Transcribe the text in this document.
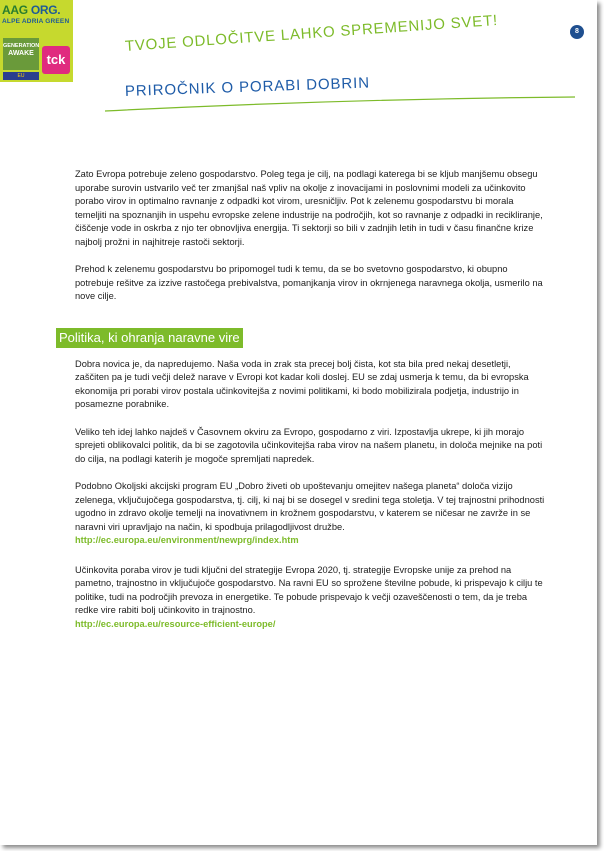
AAG ORG.
ALPE ADRIA GREEN
GENERATION
AWAKE
EU
tck
8
TVOJE ODLOČITVE LAHKO SPREMENIJO SVET!
PRIROČNIK O PORABI DOBRIN

Zato Evropa potrebuje zeleno gospodarstvo. Poleg tega je cilj, na podlagi katerega bi se kljub manjšemu obsegu uporabe surovin ustvarilo več ter zmanjšal naš vpliv na okolje z inovacijami in poslovnimi modeli za učinkovito porabo virov in optimalno ravnanje z odpadki kot virom, uresničljiv. Pot k zelenemu gospodarstvu bi morala temeljiti na spoznanjih in uspehu evropske zelene industrije na področjih, kot so ravnanje z odpadki in recikliranje, čiščenje vode in oskrba z njo ter obnovljiva energija. Ti sektorji so bili v zadnjih letih in tudi v času finančne krize najbolj prožni in najhitreje rastoči sektorji.

Prehod k zelenemu gospodarstvu bo pripomogel tudi k temu, da se bo svetovno gospodarstvo, ki obupno potrebuje rešitve za izzive rastočega prebivalstva, pomanjkanja virov in okrnjenega naravnega okolja, usmerilo na nove cilje.

Politika, ki ohranja naravne vire

Dobra novica je, da napredujemo. Naša voda in zrak sta precej bolj čista, kot sta bila pred nekaj desetletji, zaščiten pa je tudi večji delež narave v Evropi kot kadar koli doslej. EU se zdaj usmerja k temu, da bi evropska ekonomija pri porabi virov postala učinkovitejša z novimi politikami, ki bodo mobilizirala podjetja, industrijo in posamezne porabnike.

Veliko teh idej lahko najdeš v Časovnem okviru za Evropo, gospodarno z viri. Izpostavlja ukrepe, ki jih morajo sprejeti oblikovalci politik, da bi se zagotovila učinkovitejša raba virov na našem planetu, in določa mejnike na poti do cilja, na podlagi katerih je mogoče spremljati napredek.

Podobno Okoljski akcijski program EU „Dobro živeti ob upoštevanju omejitev našega planeta“ določa vizijo zelenega, vključujočega gospodarstva, tj. cilj, ki naj bi se dosegel v sredini tega stoletja. V tej trajnostni prihodnosti ugodno in zdravo okolje temelji na inovativnem in krožnem gospodarstvu, v katerem se ničesar ne zavrže in se naravni viri upravljajo na način, ki spodbuja prilagodljivost družbe.
http://ec.europa.eu/environment/newprg/index.htm
Učinkovita poraba virov je tudi ključni del strategije Evropa 2020, tj. strategije Evropske unije za prehod na pametno, trajnostno in vključujoče gospodarstvo. Na ravni EU so sprožene številne pobude, ki prispevajo k cilju te politike, tudi na področjih prevoza in energetike. Te pobude prispevajo k večji ozaveščenosti o tem, da je treba redke vire rabiti bolj učinkovito in trajnostno.
http://ec.europa.eu/resource-efficient-europe/
